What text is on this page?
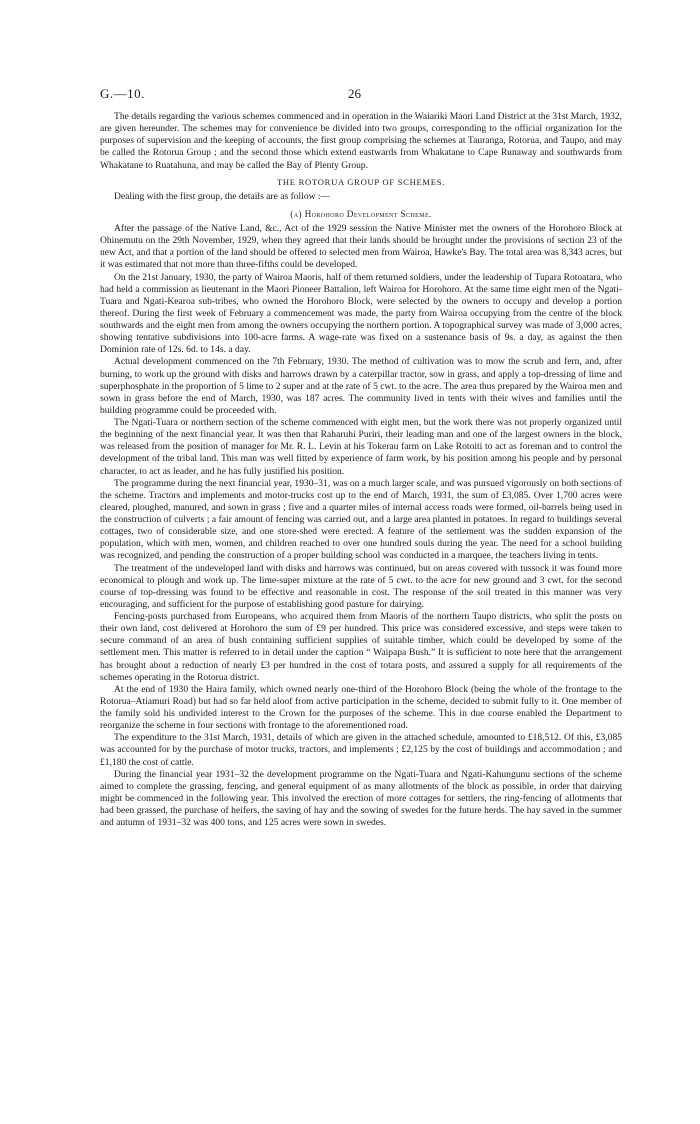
G.—10.	26

The details regarding the various schemes commenced and in operation in the Waiariki Maori Land District at the 31st March, 1932, are given hereunder. The schemes may for convenience be divided into two groups, corresponding to the official organization for the purposes of supervision and the keeping of accounts, the first group comprising the schemes at Tauranga, Rotorua, and Taupo, and may be called the Rotorua Group ; and the second those which extend eastwards from Whakatane to Cape Runaway and southwards from Whakatane to Ruatahuna, and may be called the Bay of Plenty Group.

THE ROTORUA GROUP OF SCHEMES.

Dealing with the first group, the details are as follow :—

(a) Horohoro Development Scheme.

After the passage of the Native Land, &c., Act of the 1929 session the Native Minister met the owners of the Horohoro Block at Ohinemutu on the 29th November, 1929, when they agreed that their lands should be brought under the provisions of section 23 of the new Act, and that a portion of the land should be offered to selected men from Wairoa, Hawke's Bay. The total area was 8,343 acres, but it was estimated that not more than three-fifths could be developed.

On the 21st January, 1930, the party of Wairoa Maoris, half of them returned soldiers, under the leadership of Tupara Rotoatara, who had held a commission as lieutenant in the Maori Pioneer Battalion, left Wairoa for Horohoro. At the same time eight men of the Ngati-Tuara and Ngati-Kearoa sub-tribes, who owned the Horohoro Block, were selected by the owners to occupy and develop a portion thereof. During the first week of February a commencement was made, the party from Wairoa occupying from the centre of the block southwards and the eight men from among the owners occupying the northern portion. A topographical survey was made of 3,000 acres, showing tentative subdivisions into 100-acre farms. A wage-rate was fixed on a sustenance basis of 9s. a day, as against the then Dominion rate of 12s. 6d. to 14s. a day.

Actual development commenced on the 7th February, 1930. The method of cultivation was to mow the scrub and fern, and, after burning, to work up the ground with disks and harrows drawn by a caterpillar tractor, sow in grass, and apply a top-dressing of lime and superphosphate in the proportion of 5 lime to 2 super and at the rate of 5 cwt. to the acre. The area thus prepared by the Wairoa men and sown in grass before the end of March, 1930, was 187 acres. The community lived in tents with their wives and families until the building programme could be proceeded with.

The Ngati-Tuara or northern section of the scheme commenced with eight men, but the work there was not properly organized until the beginning of the next financial year. It was then that Raharuhi Puriri, their leading man and one of the largest owners in the block, was released from the position of manager for Mr. R. L. Levin at his Tokerau farm on Lake Rotoiti to act as foreman and to control the development of the tribal land. This man was well fitted by experience of farm work, by his position among his people and by personal character, to act as leader, and he has fully justified his position.

The programme during the next financial year, 1930–31, was on a much larger scale, and was pursued vigorously on both sections of the scheme. Tractors and implements and motor-trucks cost up to the end of March, 1931, the sum of £3,085. Over 1,700 acres were cleared, ploughed, manured, and sown in grass ; five and a quarter miles of internal access roads were formed, oil-barrels being used in the construction of culverts ; a fair amount of fencing was carried out, and a large area planted in potatoes. In regard to buildings several cottages, two of considerable size, and one store-shed were erected. A feature of the settlement was the sudden expansion of the population, which with men, women, and children reached to over one hundred souls during the year. The need for a school building was recognized, and pending the construction of a proper building school was conducted in a marquee, the teachers living in tents.

The treatment of the undeveloped land with disks and harrows was continued, but on areas covered with tussock it was found more economical to plough and work up. The lime-super mixture at the rate of 5 cwt. to the acre for new ground and 3 cwt. for the second course of top-dressing was found to be effective and reasonable in cost. The response of the soil treated in this manner was very encouraging, and sufficient for the purpose of establishing good pasture for dairying.

Fencing-posts purchased from Europeans, who acquired them from Maoris of the northern Taupo districts, who split the posts on their own land, cost delivered at Horohoro the sum of £9 per hundred. This price was considered excessive, and steps were taken to secure command of an area of bush containing sufficient supplies of suitable timber, which could be developed by some of the settlement men. This matter is referred to in detail under the caption “ Waipapa Bush.” It is sufficient to note here that the arrangement has brought about a reduction of nearly £3 per hundred in the cost of totara posts, and assured a supply for all requirements of the schemes operating in the Rotorua district.

At the end of 1930 the Haira family, which owned nearly one-third of the Horohoro Block (being the whole of the frontage to the Rotorua–Atiamuri Road) but had so far held aloof from active participation in the scheme, decided to submit fully to it. One member of the family sold his undivided interest to the Crown for the purposes of the scheme. This in due course enabled the Department to reorganize the scheme in four sections with frontage to the aforementioned road.

The expenditure to the 31st March, 1931, details of which are given in the attached schedule, amounted to £18,512. Of this, £3,085 was accounted for by the purchase of motor trucks, tractors, and implements ; £2,125 by the cost of buildings and accommodation ; and £1,180 the cost of cattle.

During the financial year 1931–32 the development programme on the Ngati-Tuara and Ngati-Kahungunu sections of the scheme aimed to complete the grassing, fencing, and general equipment of as many allotments of the block as possible, in order that dairying might be commenced in the following year. This involved the erection of more cottages for settlers, the ring-fencing of allotments that had been grassed, the purchase of heifers, the saving of hay and the sowing of swedes for the future herds. The hay saved in the summer and autumn of 1931–32 was 400 tons, and 125 acres were sown in swedes.
